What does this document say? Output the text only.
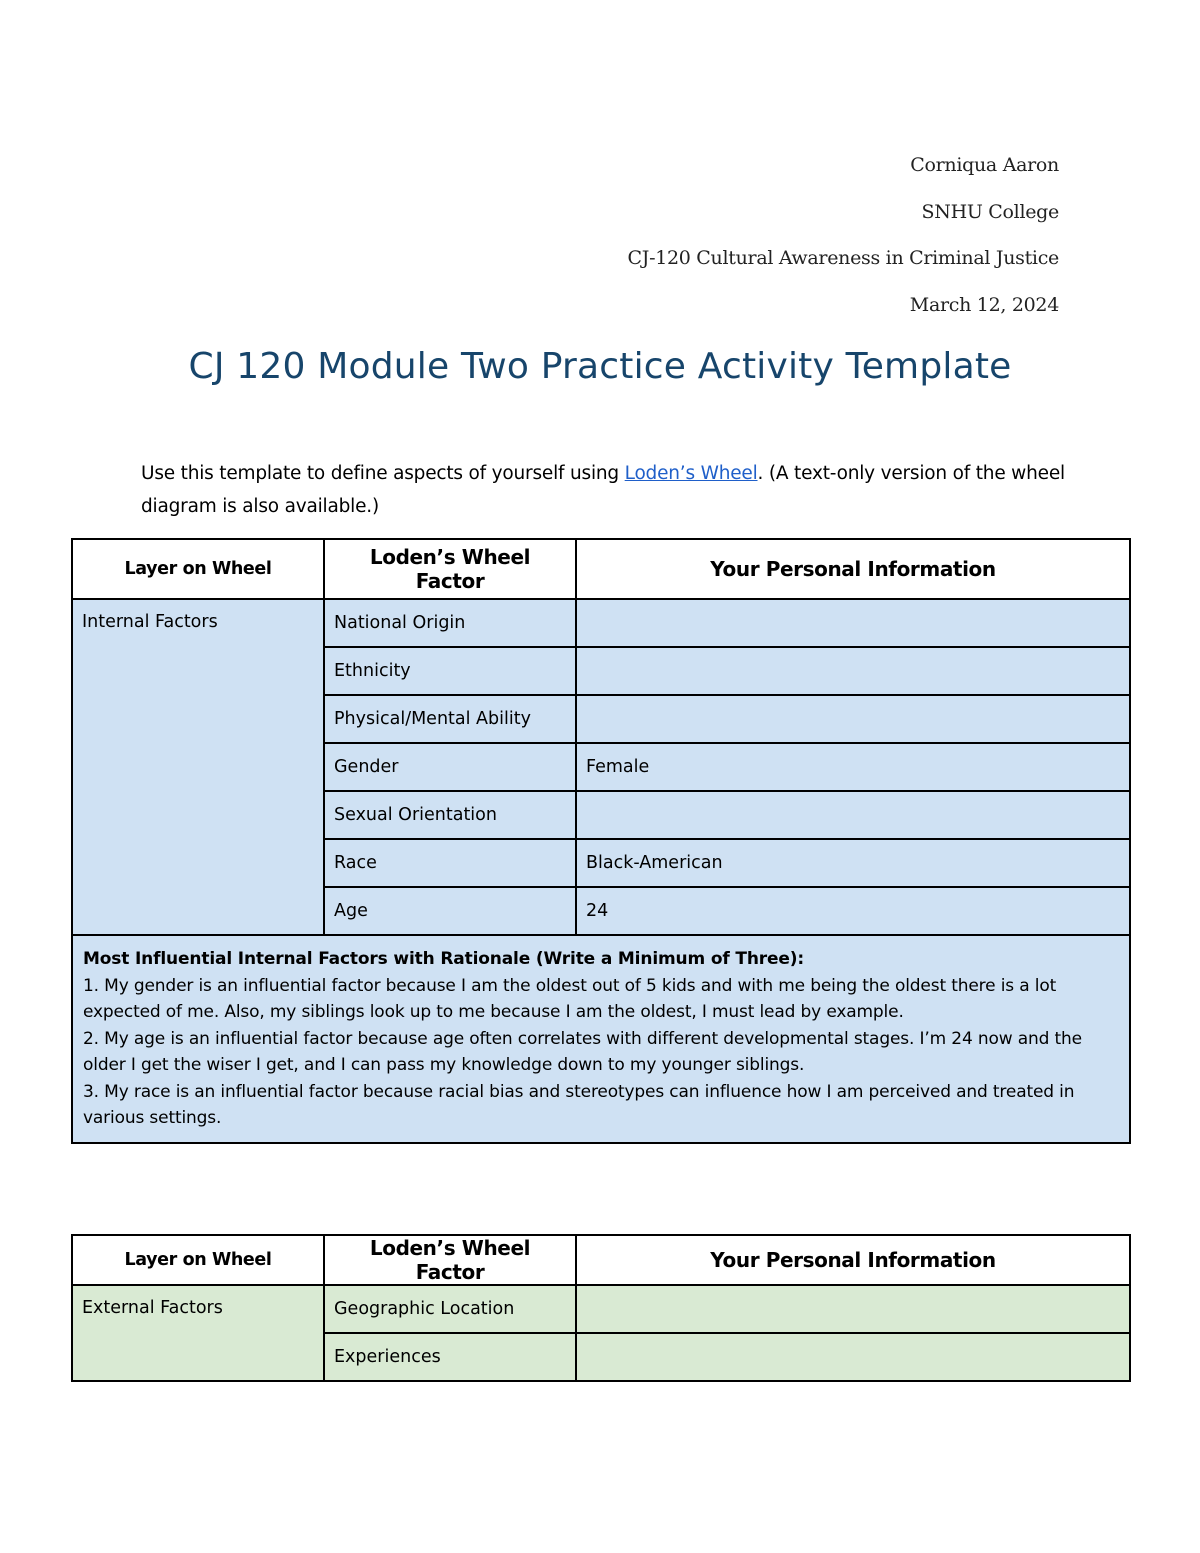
Corniqua Aaron
SNHU College
CJ-120 Cultural Awareness in Criminal Justice
March 12, 2024
CJ 120 Module Two Practice Activity Template
Use this template to define aspects of yourself using Loden’s Wheel. (A text-only version of the wheel diagram is also available.)
Layer on Wheel	Loden’s Wheel Factor	Your Personal Information
Internal Factors	National Origin	
	Ethnicity	
	Physical/Mental Ability	
	Gender	Female
	Sexual Orientation	
	Race	Black-American
	Age	24

Most Influential Internal Factors with Rationale (Write a Minimum of Three):
1. My gender is an influential factor because I am the oldest out of 5 kids and with me being the oldest there is a lot expected of me. Also, my siblings look up to me because I am the oldest, I must lead by example.
2. My age is an influential factor because age often correlates with different developmental stages. I’m 24 now and the older I get the wiser I get, and I can pass my knowledge down to my younger siblings.
3. My race is an influential factor because racial bias and stereotypes can influence how I am perceived and treated in various settings.		
Layer on Wheel	Loden’s Wheel Factor	Your Personal Information
External Factors	Geographic Location	
	Experiences	
